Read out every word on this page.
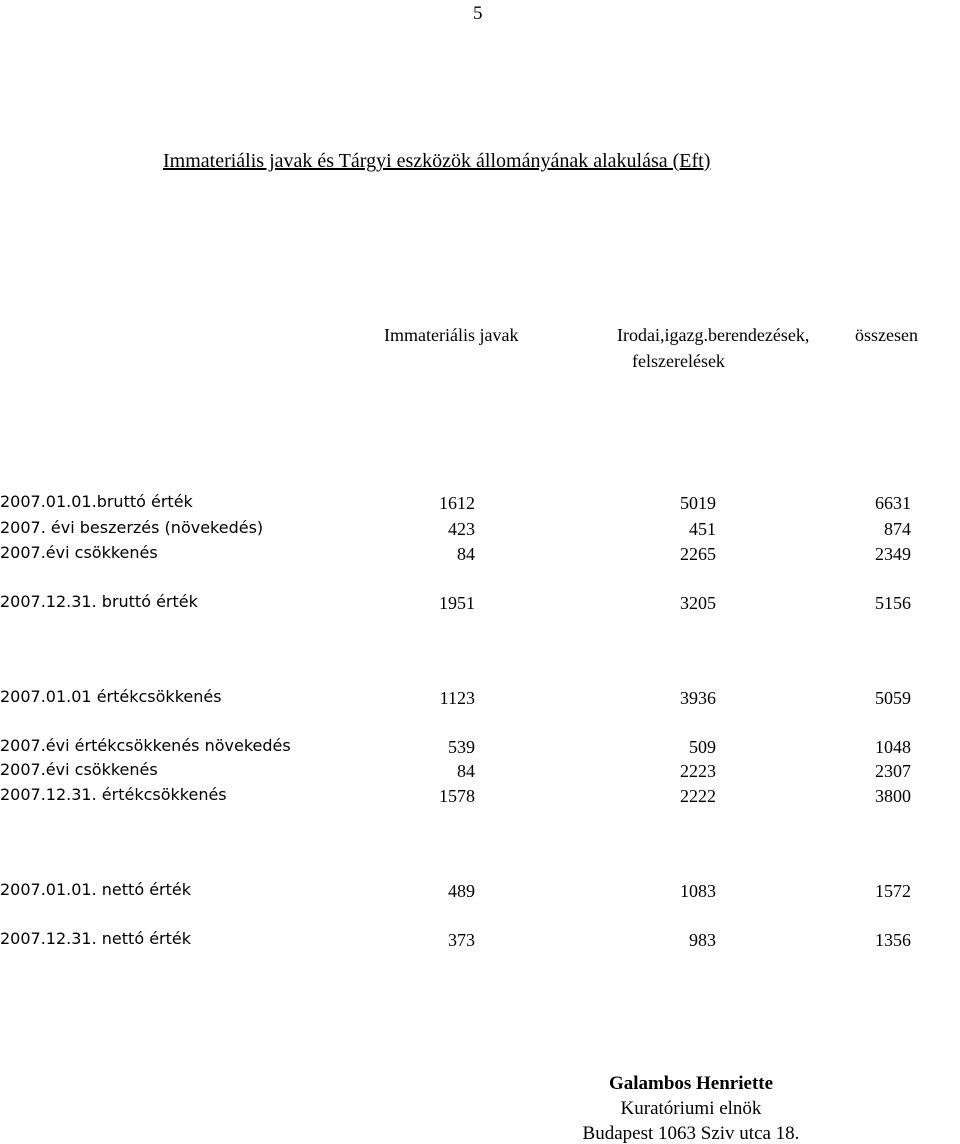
5
Immateriális javak és Tárgyi eszközök állományának alakulása (Eft)
Immateriális javak	Irodai,igazg.berendezések,
felszerelések
összesen
2007.01.01.bruttó érték	1612	5019	6631
2007. évi beszerzés (növekedés)	423	451	874
2007.évi csökkenés	84	2265	2349
2007.12.31. bruttó érték	1951	3205	5156
2007.01.01 értékcsökkenés	1123	3936	5059
2007.évi értékcsökkenés növekedés	539	509	1048
2007.évi csökkenés	84	2223	2307
2007.12.31. értékcsökkenés	1578	2222	3800
2007.01.01. nettó érték	489	1083	1572
2007.12.31. nettó érték	373	983	1356
Galambos Henriette
Kuratóriumi elnök
Budapest 1063 Sziv utca 18.
